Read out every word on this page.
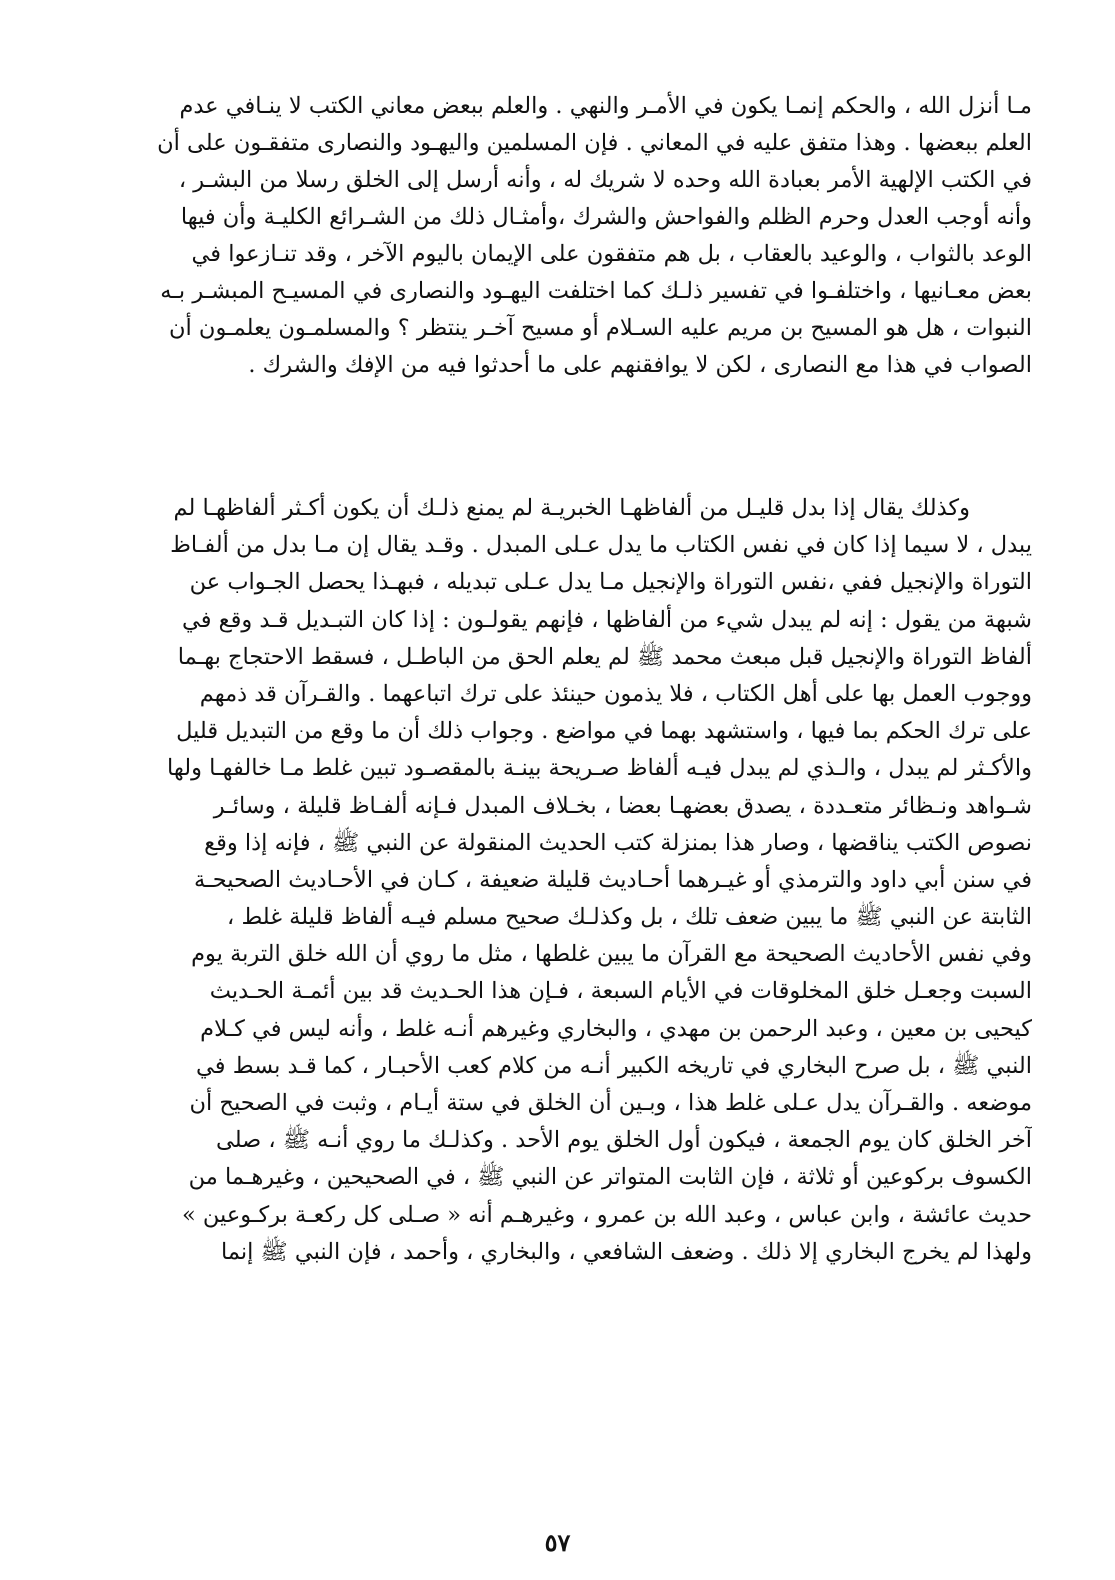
مـا أنزل الله ، والحكم إنمـا يكون في الأمـر والنهي . والعلم ببعض معاني الكتب لا ينـافي عدم
العلم ببعضها . وهذا متفق عليه في المعاني . فإن المسلمين واليهـود والنصارى متفقـون على أن
في الكتب الإلهية الأمر بعبادة الله وحده لا شريك له ، وأنه أرسل إلى الخلق رسلا من البشـر ،
وأنه أوجب العدل وحرم الظلم والفواحش والشرك ،وأمثـال ذلك من الشـرائع الكليـة وأن فيها
الوعد بالثواب ، والوعيد بالعقاب ، بل هم متفقون على الإيمان باليوم الآخر ، وقد تنـازعوا في
بعض معـانيها ، واختلفـوا في تفسير ذلـك كما اختلفت اليهـود والنصارى في المسيـح المبشـر بـه
النبوات ، هل هو المسيح بن مريم عليه السـلام أو مسيح آخـر ينتظر ؟ والمسلمـون يعلمـون أن
الصواب في هذا مع النصارى ، لكن لا يوافقنهم على ما أحدثوا فيه من الإفك والشرك .
وكذلك يقال إذا بدل قليـل من ألفاظهـا الخبريـة لم يمنع ذلـك أن يكون أكـثر ألفاظهـا لم
يبدل ، لا سيما إذا كان في نفس الكتاب ما يدل عـلى المبدل . وقـد يقال إن مـا بدل من ألفـاظ
التوراة والإنجيل ففي ،نفس التوراة والإنجيل مـا يدل عـلى تبديله ، فبهـذا يحصل الجـواب عن
شبهة من يقول : إنه لم يبدل شيء من ألفاظها ، فإنهم يقولـون : إذا كان التبـديل قـد وقع في
ألفاظ التوراة والإنجيل قبل مبعث محمد ﷺ لم يعلم الحق من الباطـل ، فسقط الاحتجاج بهـما
ووجوب العمل بها على أهل الكتاب ، فلا يذمون حينئذ على ترك اتباعهما . والقـرآن قد ذمهم
على ترك الحكم بما فيها ، واستشهد بهما في مواضع . وجواب ذلك أن ما وقع من التبديل قليل
والأكـثر لم يبدل ، والـذي لم يبدل فيـه ألفاظ صـريحة بينـة بالمقصـود تبين غلط مـا خالفهـا ولها
شـواهد ونـظائر متعـددة ، يصدق بعضهـا بعضا ، بخـلاف المبدل فـإنه ألفـاظ قليلة ، وسائـر
نصوص الكتب يناقضها ، وصار هذا بمنزلة كتب الحديث المنقولة عن النبي ﷺ ، فإنه إذا وقع
في سنن أبي داود والترمذي أو غيـرهما أحـاديث قليلة ضعيفة ، كـان في الأحـاديث الصحيحـة
الثابتة عن النبي ﷺ ما يبين ضعف تلك ، بل وكذلـك صحيح مسلم فيـه ألفاظ قليلة غلط ،
وفي نفس الأحاديث الصحيحة مع القرآن ما يبين غلطها ، مثل ما روي أن الله خلق التربة يوم
السبت وجعـل خلق المخلوقات في الأيام السبعة ، فـإن هذا الحـديث قد بين أئمـة الحـديث
كيحيى بن معين ، وعبد الرحمن بن مهدي ، والبخاري وغيرهم أنـه غلط ، وأنه ليس في كـلام
النبي ﷺ ، بل صرح البخاري في تاريخه الكبير أنـه من كلام كعب الأحبـار ، كما قـد بسط في
موضعه . والقـرآن يدل عـلى غلط هذا ، وبـين أن الخلق في ستة أيـام ، وثبت في الصحيح أن
آخر الخلق كان يوم الجمعة ، فيكون أول الخلق يوم الأحد . وكذلـك ما روي أنـه ﷺ ، صلى
الكسوف بركوعين أو ثلاثة ، فإن الثابت المتواتر عن النبي ﷺ ، في الصحيحين ، وغيرهـما من
حديث عائشة ، وابن عباس ، وعبد الله بن عمرو ، وغيرهـم أنه « صـلى كل ركعـة بركـوعين »
ولهذا لم يخرج البخاري إلا ذلك . وضعف الشافعي ، والبخاري ، وأحمد ، فإن النبي ﷺ إنما
٥٧
